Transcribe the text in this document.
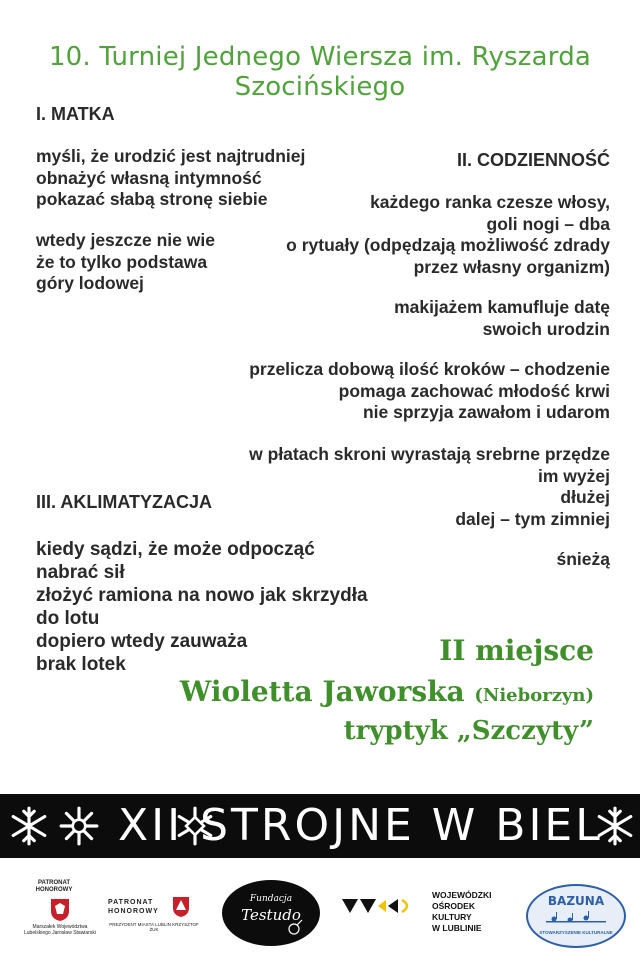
10. Turniej Jednego Wiersza im. Ryszarda Szocińskiego
I. MATKA
myśli, że urodzić jest najtrudniej
obnażyć własną intymność
pokazać słabą stronę siebie
wtedy jeszcze nie wie
że to tylko podstawa
góry lodowej
II. CODZIENNOŚĆ
każdego ranka czesze włosy,
goli nogi – dba
o rytuały (odpędzają możliwość zdrady
przez własny organizm)
makijażem kamufluje datę
swoich urodzin
przelicza dobową ilość kroków – chodzenie
pomaga zachować młodość krwi
nie sprzyja zawałom i udarom
w płatach skroni wyrastają srebrne przędze
im wyżej
dłużej
dalej – tym zimniej
śnieżą
III. AKLIMATYZACJA
kiedy sądzi, że może odpocząć
nabrać sił
złożyć ramiona na nowo jak skrzydła
do lotu
dopiero wtedy zauważa
brak lotek	II miejsce
Wioletta Jaworska (Nieborzyn)
tryptyk „Szczyty”
XII STROJNE W BIEL
PATRONAT HONOROWY
Marszałek Województwa Lubelskiego Jarosław Stawiarski
PATRONAT HONOROWY
PREZYDENT MIASTA LUBLIN KRZYSZTOF ŻUK
Fundacja
Testudo
WOJEWÓDZKI
OŚRODEK
KULTURY
W LUBLINIE
BAZUNA
STOWARZYSZENIE KULTURALNE
